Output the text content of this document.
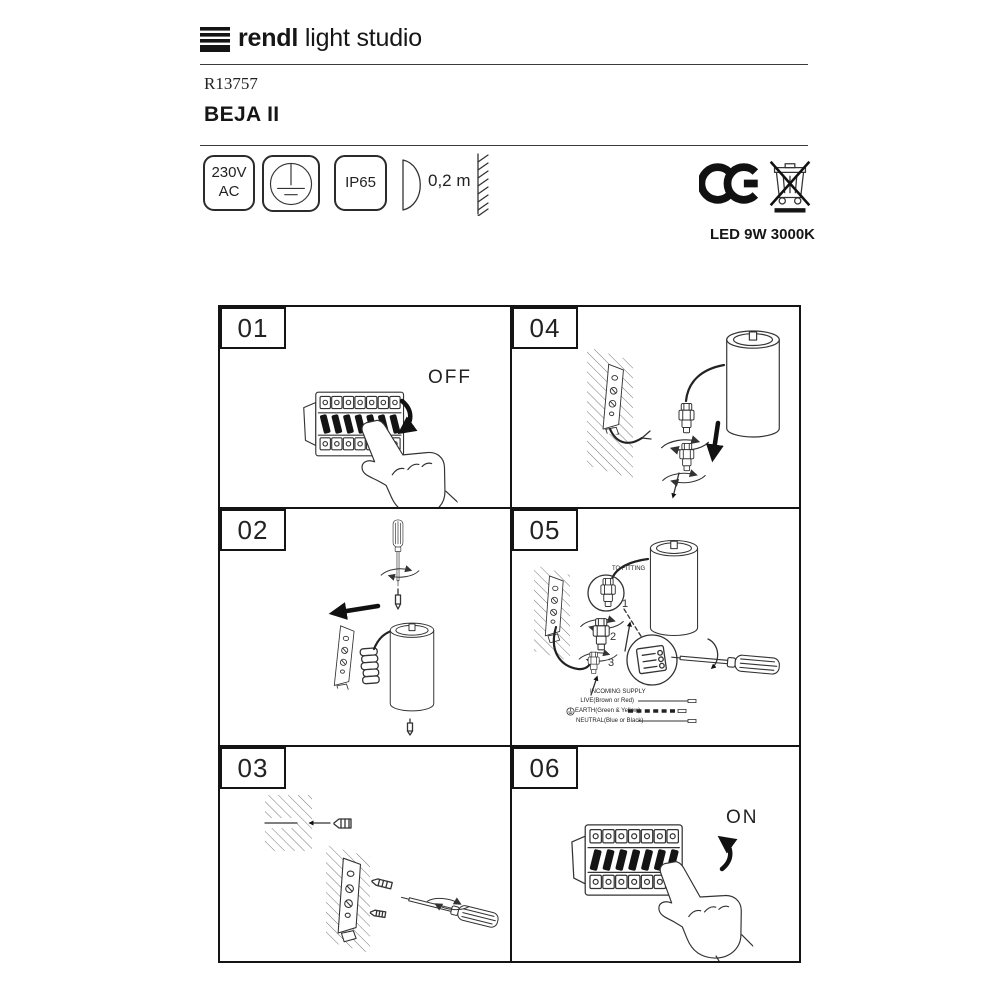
rendl light studio
R13757
BEJA II
230V
AC
IP65	0,2 m
LED 9W 3000K
01
OFF
04
02	05
TO FITTING
1
2
3
INCOMING SUPPLY
LIVE(Brown or Red)
EARTH(Green & Yellow)
NEUTRAL(Blue or Black)
03	06
ON
